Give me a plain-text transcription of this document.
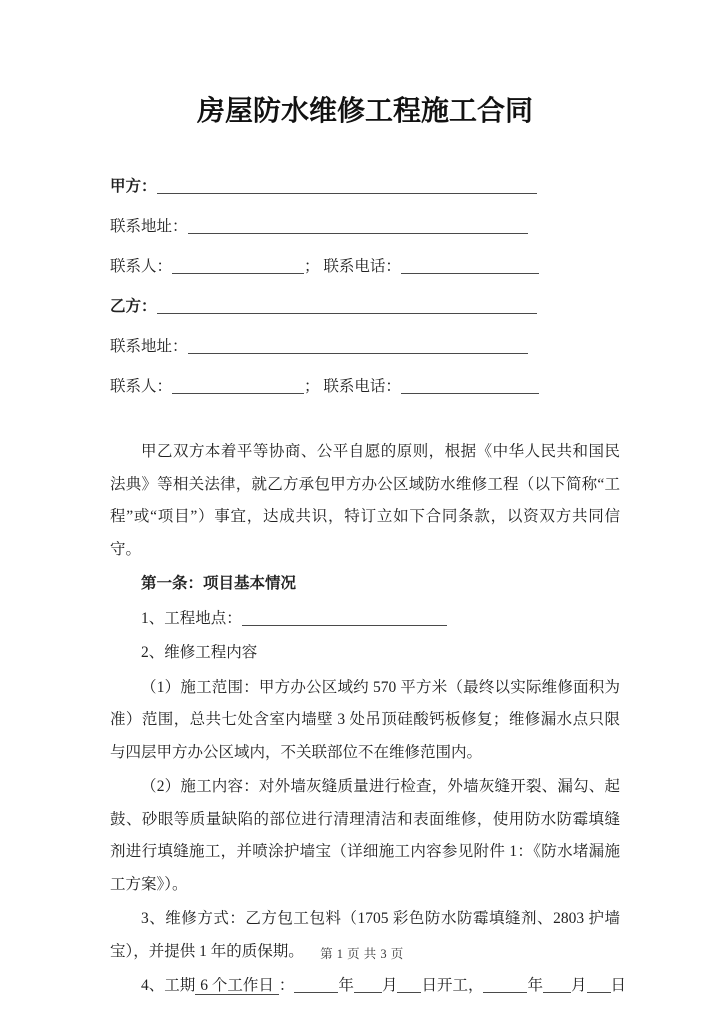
房屋防水维修工程施工合同
甲方：
联系地址：
联系人：	； 联系电话：
乙方：
联系地址：
联系人：	； 联系电话：

甲乙双方本着平等协商、公平自愿的原则，根据《中华人民共和国民法典》等相关法律，就乙方承包甲方办公区域防水维修工程（以下简称“工程”或“项目”）事宜，达成共识，特订立如下合同条款，以资双方共同信守。

第一条：项目基本情况

1、工程地点：

2、维修工程内容

（1）施工范围：甲方办公区域约 570 平方米（最终以实际维修面积为准）范围，总共七处含室内墙壁 3 处吊顶硅酸钙板修复；维修漏水点只限与四层甲方办公区域内，不关联部位不在维修范围内。

（2）施工内容：对外墙灰缝质量进行检查，外墙灰缝开裂、漏勾、起鼓、砂眼等质量缺陷的部位进行清理清洁和表面维修，使用防水防霉填缝剂进行填缝施工，并喷涂护墙宝（详细施工内容参见附件 1：《防水堵漏施工方案》）。

3、维修方式：乙方包工包料（1705 彩色防水防霉填缝剂、2803 护墙宝），并提供 1 年的质保期。

4、工期 6 个工作日 ：	年 月 日开工，	年 月 日

第 1 页 共 3 页
